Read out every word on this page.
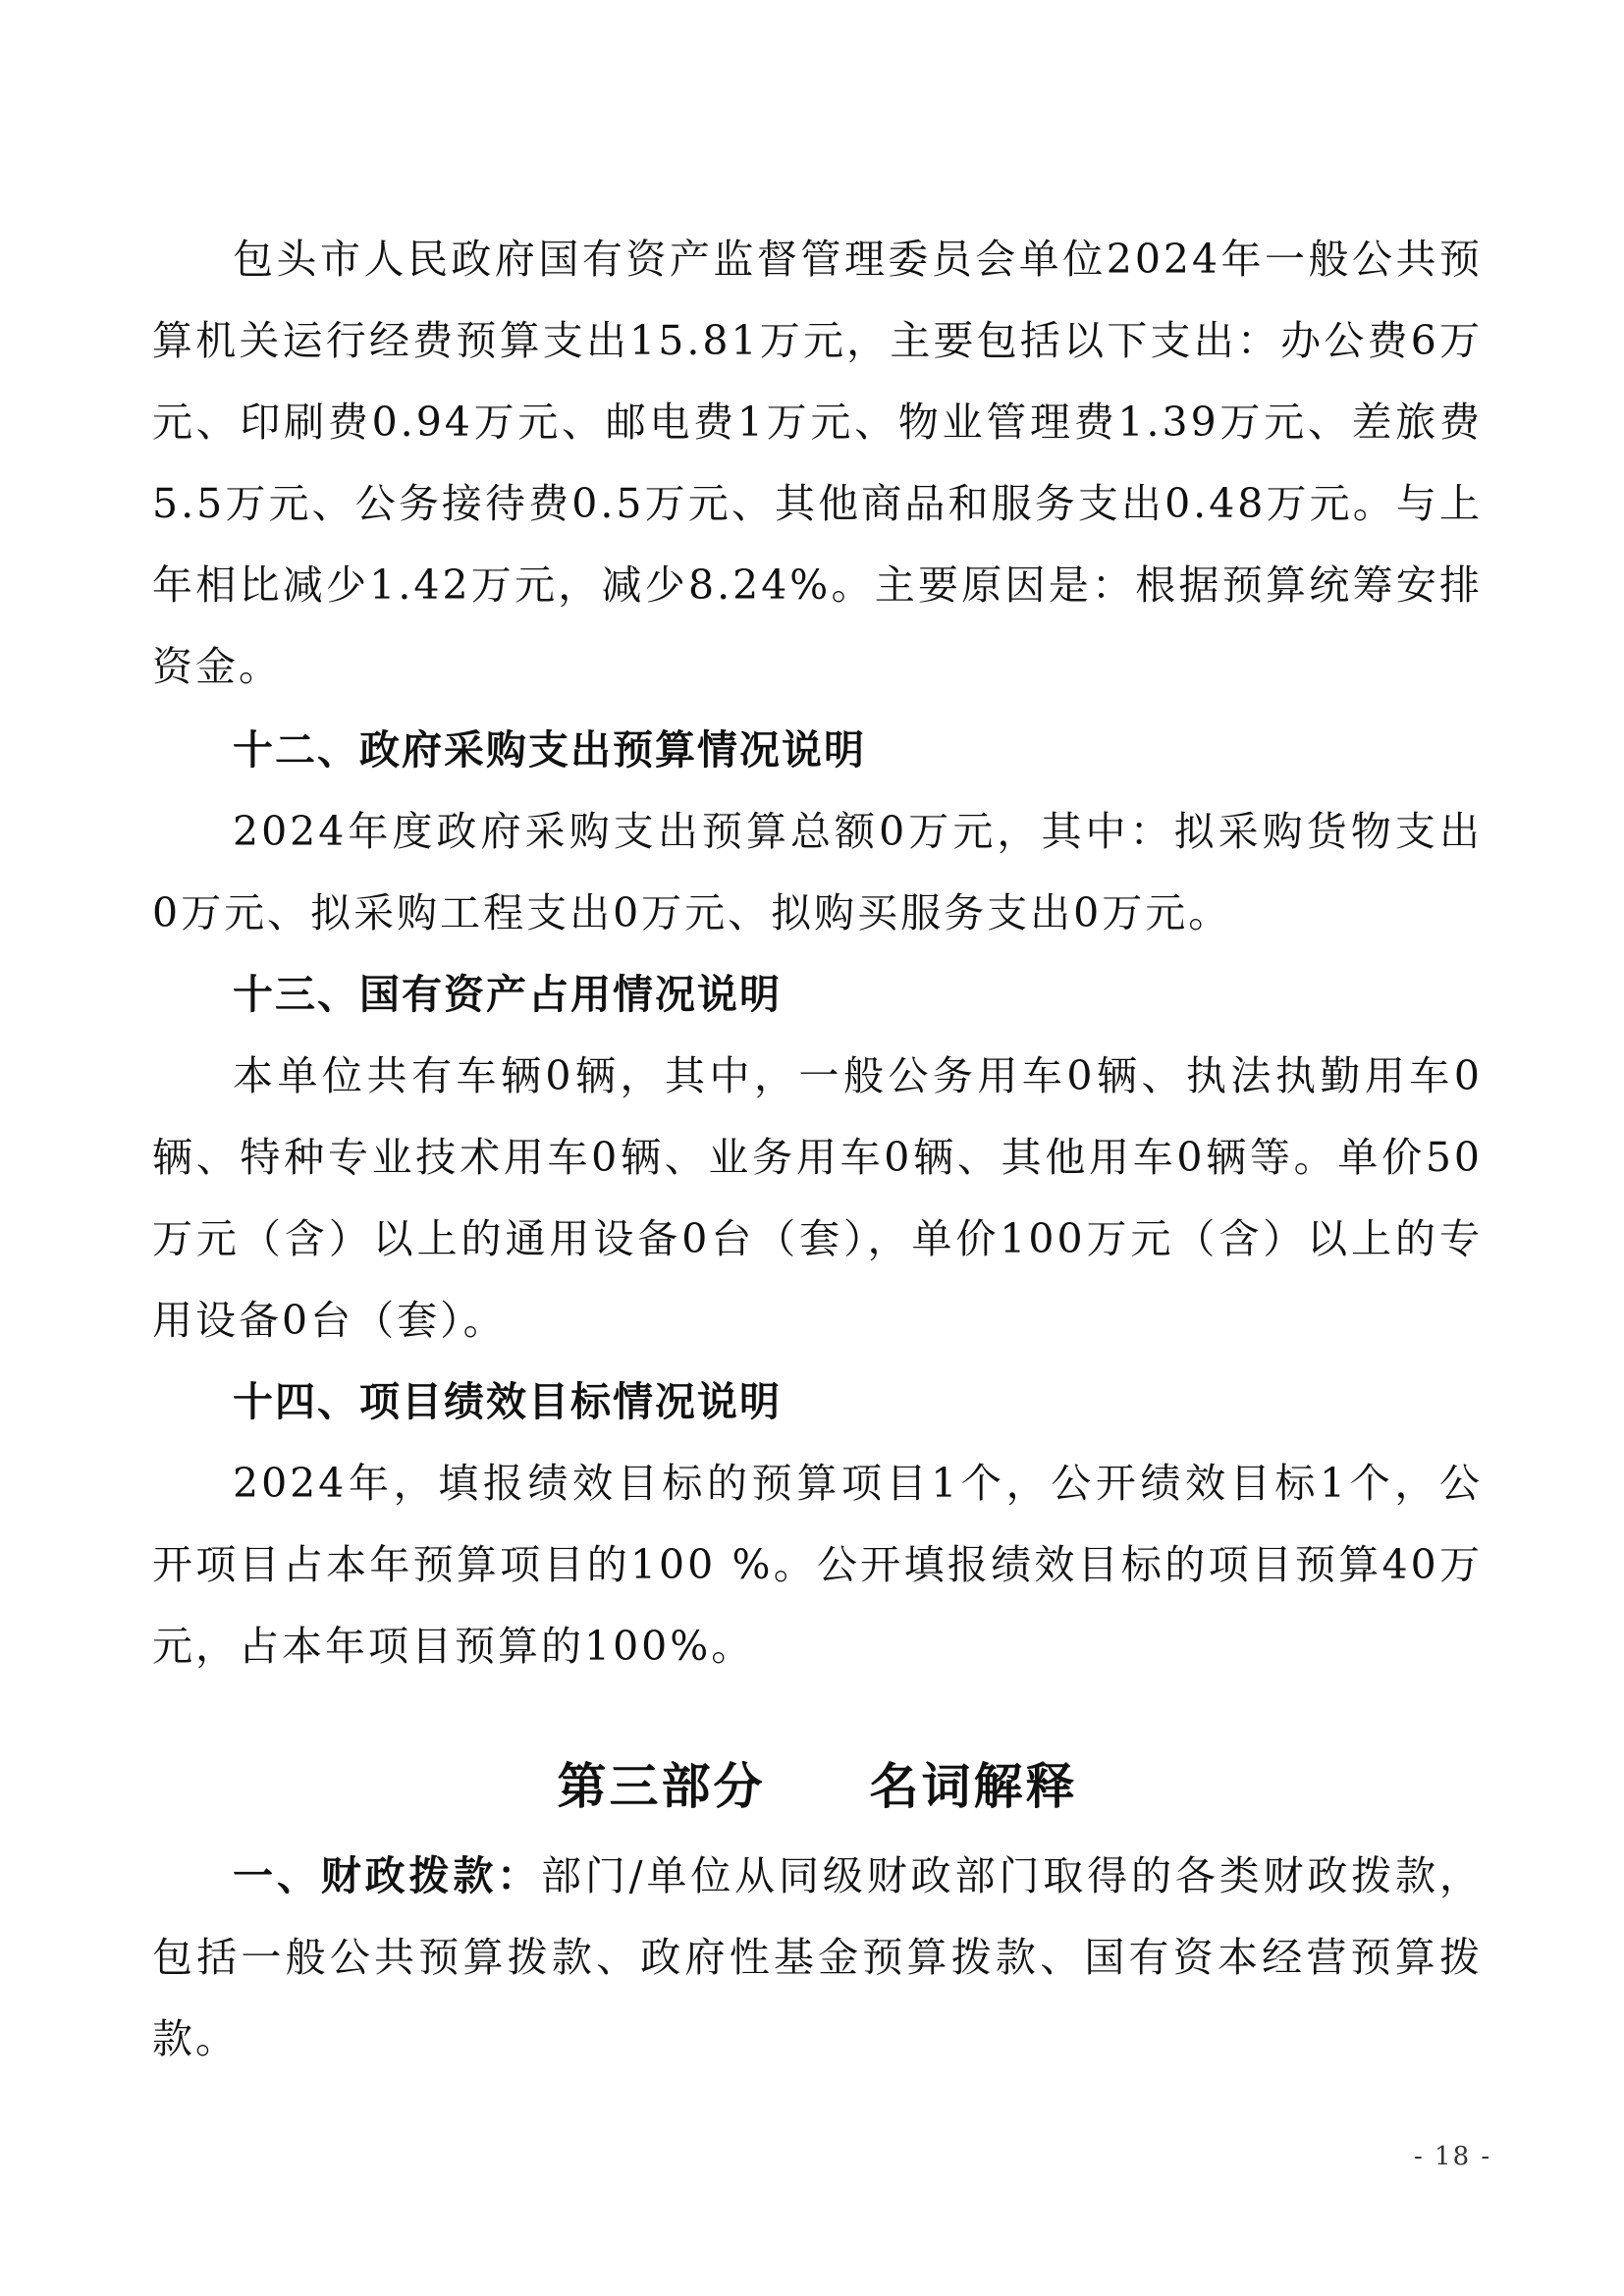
包头市人民政府国有资产监督管理委员会单位2024年一般公共预算机关运行经费预算支出15.81万元，主要包括以下支出：办公费6万元、印刷费0.94万元、邮电费1万元、物业管理费1.39万元、差旅费5.5万元、公务接待费0.5万元、其他商品和服务支出0.48万元。与上年相比减少1.42万元，减少8.24%。主要原因是：根据预算统筹安排资金。

十二、政府采购支出预算情况说明

2024年度政府采购支出预算总额0万元，其中：拟采购货物支出0万元、拟采购工程支出0万元、拟购买服务支出0万元。

十三、国有资产占用情况说明

本单位共有车辆0辆，其中，一般公务用车0辆、执法执勤用车0辆、特种专业技术用车0辆、业务用车0辆、其他用车0辆等。单价50万元（含）以上的通用设备0台（套），单价100万元（含）以上的专用设备0台（套）。

十四、项目绩效目标情况说明

2024年，填报绩效目标的预算项目1个，公开绩效目标1个，公开项目占本年预算项目的100 %。公开填报绩效目标的项目预算40万元，占本年项目预算的100%。

第三部分　　名词解释

一、财政拨款：部门/单位从同级财政部门取得的各类财政拨款，包括一般公共预算拨款、政府性基金预算拨款、国有资本经营预算拨款。

- 18 -
